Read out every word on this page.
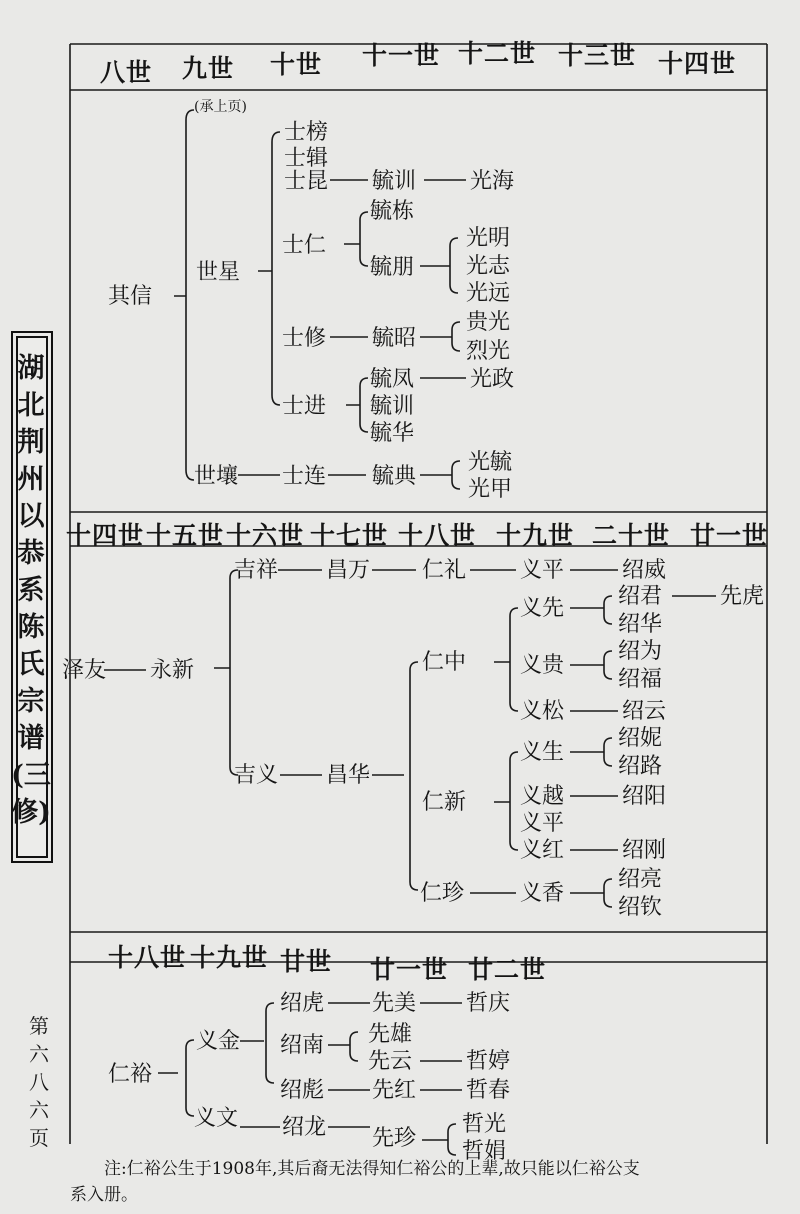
湖北荆州以恭系陈氏宗谱(三修)
第六八六页
八世 九世 十世 十一世 十二世 十三世 十四世
(承上页)
其信
世星
世壤
士榜
士辑
士昆
士仁
士修
士进
士连
毓训
毓栋
毓朋
毓昭
毓凤
毓训
毓华
毓典
光海
光明
光志
光远
贵光
烈光
光政
光毓
光甲
十四世 十五世 十六世 十七世 十八世 十九世 二十世 廿一世
泽友 永新
吉祥
吉义
昌万
昌华
仁礼
仁中
仁新
仁珍
义平
义先
义贵
义松
义生
义越
义平
义红
义香
绍威
绍君
绍华
绍为
绍福
绍云
绍妮
绍路
绍阳
绍刚
绍亮
绍钦
先虎
十八世 十九世 廿世 廿一世 廿二世
仁裕
义金
义文
绍虎
绍南
绍彪
绍龙
先美
先雄
先云
先红
先珍
哲庆
哲婷
哲春
哲光
哲娟
注:仁裕公生于1908年,其后裔无法得知仁裕公的上辈,故只能以仁裕公支
系入册。
